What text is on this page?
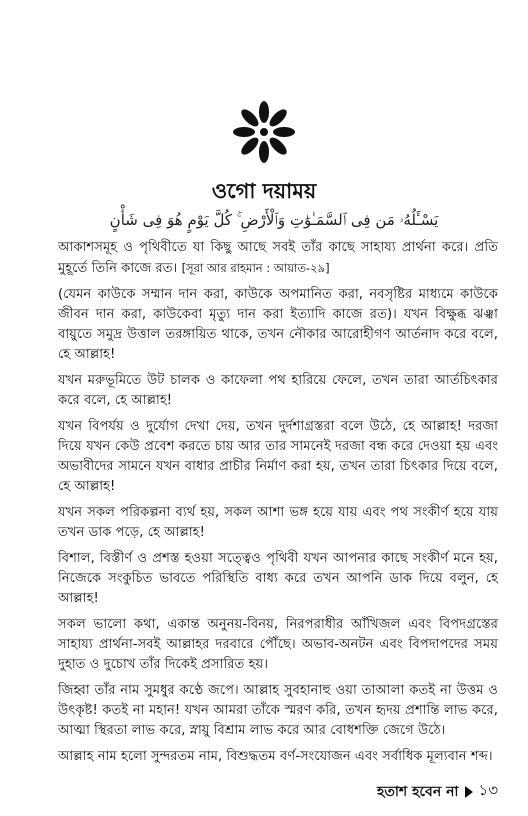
ওগো দয়াময়
يَسْـَٔلُهُۥ مَن فِى ٱلسَّمَـٰوَٰتِ وَٱلْأَرْضِ ۚ كُلَّ يَوْمٍ هُوَ فِى شَأْنٍ

আকাশসমূহ ও পৃথিবীতে যা কিছু আছে সবই তাঁর কাছে সাহায্য প্রার্থনা করে। প্রতি মুহূর্তে তিনি কাজে রত। [সূরা আর রাহমান : আয়াত-২৯]

(যেমন কাউকে সম্মান দান করা, কাউকে অপমানিত করা, নবসৃষ্টির মাধ্যমে কাউকে জীবন দান করা, কাউকেবা মৃত্যু দান করা ইত্যাদি কাজে রত)। যখন বিক্ষুব্ধ ঝঞ্ঝা বায়ুতে সমুদ্র উত্তাল তরঙ্গায়িত থাকে, তখন নৌকার আরোহীগণ আর্তনাদ করে বলে, হে আল্লাহ!

যখন মরুভূমিতে উট চালক ও কাফেলা পথ হারিয়ে ফেলে, তখন তারা আর্তচিৎকার করে বলে, হে আল্লাহ!

যখন বিপর্যয় ও দুর্যোগ দেখা দেয়, তখন দুর্দশাগ্রস্তরা বলে উঠে, হে আল্লাহ! দরজা দিয়ে যখন কেউ প্রবেশ করতে চায় আর তার সামনেই দরজা বন্ধ করে দেওয়া হয় এবং অভাবীদের সামনে যখন বাধার প্রাচীর নির্মাণ করা হয়, তখন তারা চিৎকার দিয়ে বলে, হে আল্লাহ!

যখন সকল পরিকল্পনা ব্যর্থ হয়, সকল আশা ভঙ্গ হয়ে যায় এবং পথ সংকীর্ণ হয়ে যায় তখন ডাক পড়ে, হে আল্লাহ!

বিশাল, বিস্তীর্ণ ও প্রশস্ত হওয়া সত্ত্বেও পৃথিবী যখন আপনার কাছে সংকীর্ণ মনে হয়, নিজেকে সংকুচিত ভাবতে পরিস্থিতি বাধ্য করে তখন আপনি ডাক দিয়ে বলুন, হে আল্লাহ!

সকল ভালো কথা, একান্ত অনুনয়-বিনয়, নিরপরাধীর আঁখিজল এবং বিপদগ্রস্তের সাহায্য প্রার্থনা-সবই আল্লাহর দরবারে পৌঁছে। অভাব-অনটন এবং বিপদাপদের সময় দুহাত ও দুচোখ তাঁর দিকেই প্রসারিত হয়।

জিহ্বা তাঁর নাম সুমধুর কণ্ঠে জপে। আল্লাহ সুবহানাহু ওয়া তাআলা কতই না উত্তম ও উৎকৃষ্ট! কতই না মহান! যখন আমরা তাঁকে স্মরণ করি, তখন হৃদয় প্রশান্তি লাভ করে, আত্মা স্থিরতা লাভ করে, স্নায়ু বিশ্রাম লাভ করে আর বোধশক্তি জেগে উঠে।

আল্লাহ নাম হলো সুন্দরতম নাম, বিশুদ্ধতম বর্ণ-সংযোজন এবং সর্বাধিক মূল্যবান শব্দ।

হতাশ হবেন না ১৩
